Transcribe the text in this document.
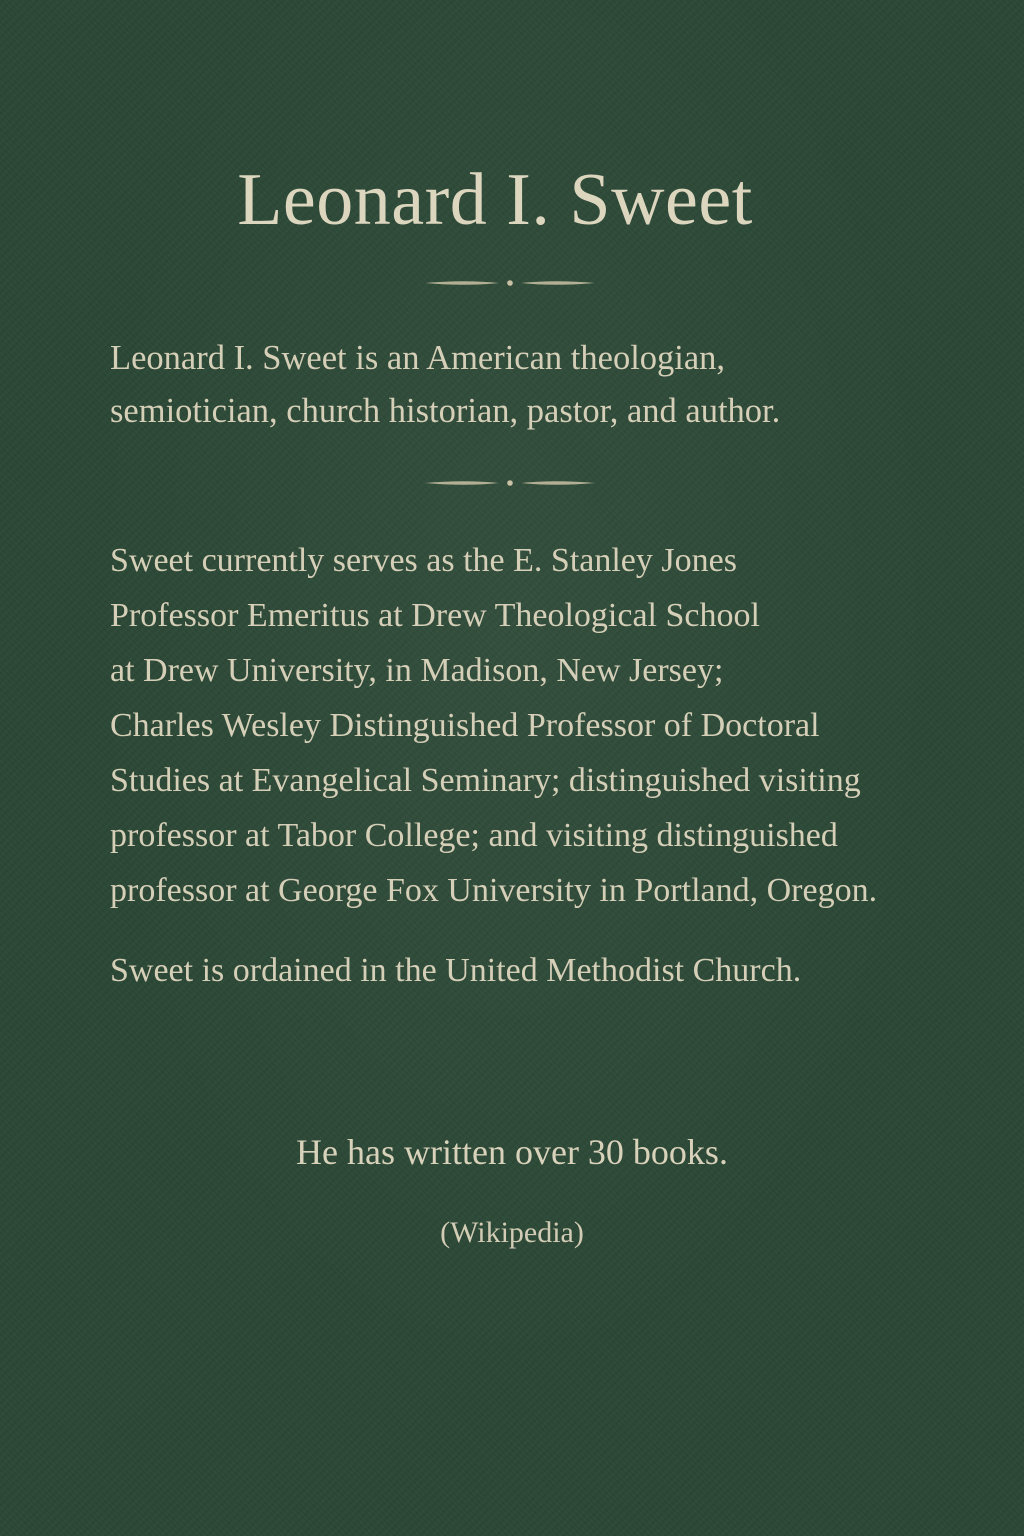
Leonard I. Sweet
Leonard I. Sweet is an American theologian,
semiotician, church historian, pastor, and author.
Sweet currently serves as the E. Stanley Jones
Professor Emeritus at Drew Theological School
at Drew University, in Madison, New Jersey;
Charles Wesley Distinguished Professor of Doctoral
Studies at Evangelical Seminary; distinguished visiting
professor at Tabor College; and visiting distinguished
professor at George Fox University in Portland, Oregon.
Sweet is ordained in the United Methodist Church.
He has written over 30 books.
(Wikipedia)
